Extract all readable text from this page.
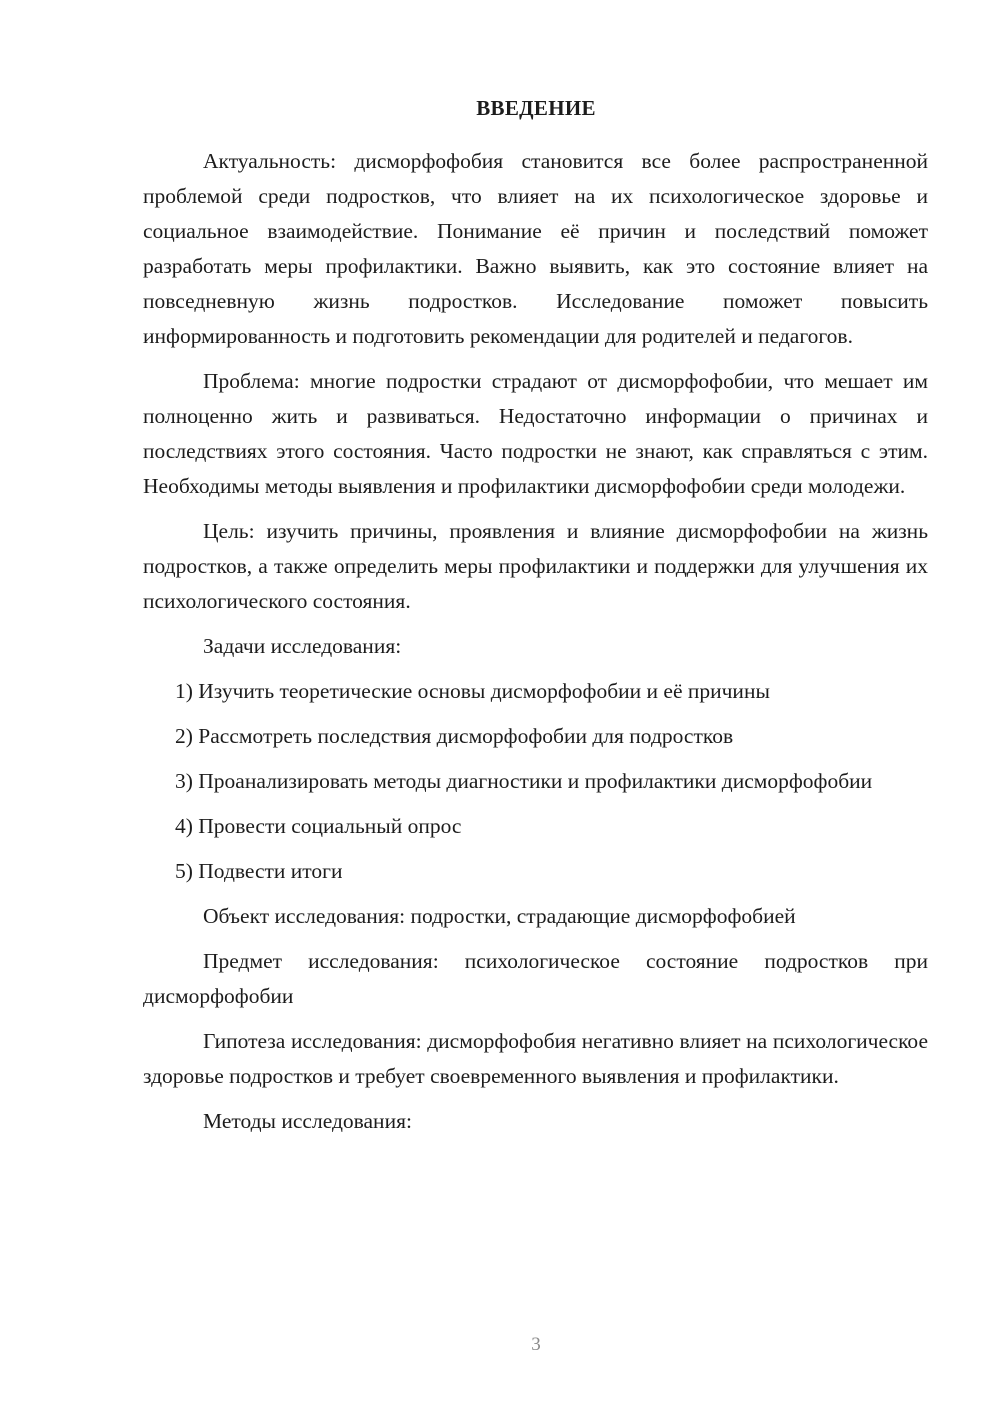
ВВЕДЕНИЕ

Актуальность: дисморфофобия становится все более распространенной проблемой среди подростков, что влияет на их психологическое здоровье и социальное взаимодействие. Понимание её причин и последствий поможет разработать меры профилактики. Важно выявить, как это состояние влияет на повседневную жизнь подростков. Исследование поможет повысить информированность и подготовить рекомендации для родителей и педагогов.

Проблема: многие подростки страдают от дисморфофобии, что мешает им полноценно жить и развиваться. Недостаточно информации о причинах и последствиях этого состояния. Часто подростки не знают, как справляться с этим. Необходимы методы выявления и профилактики дисморфофобии среди молодежи.

Цель: изучить причины, проявления и влияние дисморфофобии на жизнь подростков, а также определить меры профилактики и поддержки для улучшения их психологического состояния.

Задачи исследования:

1) Изучить теоретические основы дисморфофобии и её причины

2) Рассмотреть последствия дисморфофобии для подростков

3) Проанализировать методы диагностики и профилактики дисморфофобии

4) Провести социальный опрос

5) Подвести итоги

Объект исследования: подростки, страдающие дисморфофобией

Предмет исследования: психологическое состояние подростков при дисморфофобии

Гипотеза исследования: дисморфофобия негативно влияет на психологическое здоровье подростков и требует своевременного выявления и профилактики.

Методы исследования:

3
